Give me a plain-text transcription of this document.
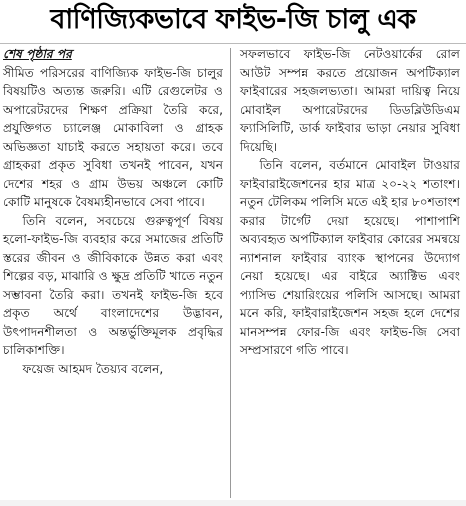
বাণিজ্যিকভাবে ফাইভ-জি চালু এক

শেষ পৃষ্ঠার পর

সীমিত পরিসরের বাণিজ্যিক ফাইভ-জি চালুর বিষয়টিও অত্যন্ত জরুরি। এটি রেগুলেটর ও অপারেটরদের শিক্ষণ প্রক্রিয়া তৈরি করে, প্রযুক্তিগত চ্যালেঞ্জ মোকাবিলা ও গ্রাহক অভিজ্ঞতা যাচাই করতে সহায়তা করে। তবে গ্রাহকরা প্রকৃত সুবিধা তখনই পাবেন, যখন দেশের শহর ও গ্রাম উভয় অঞ্চলে কোটি কোটি মানুষকে বৈষম্যহীনভাবে সেবা পাবে।

তিনি বলেন, সবচেয়ে গুরুত্বপূর্ণ বিষয় হলো-ফাইভ-জি ব্যবহার করে সমাজের প্রতিটি স্তরের জীবন ও জীবিকাকে উন্নত করা এবং শিল্পের বড়, মাঝারি ও ক্ষুদ্র প্রতিটি খাতে নতুন সম্ভাবনা তৈরি করা। তখনই ফাইভ-জি হবে প্রকৃত অর্থে বাংলাদেশের উদ্ভাবন, উৎপাদনশীলতা ও অন্তর্ভুক্তিমূলক প্রবৃদ্ধির চালিকাশক্তি।

ফয়েজ আহমদ তৈয়্যব বলেন,

সফলভাবে ফাইভ-জি নেটওয়ার্কের রোল আউট সম্পন্ন করতে প্রয়োজন অপটিক্যাল ফাইবারের সহজলভ্যতা। আমরা দায়িত্ব নিয়ে মোবাইল অপারেটরদের ডিডব্লিউডিএম ফ্যাসিলিটি, ডার্ক ফাইবার ভাড়া নেয়ার সুবিধা দিয়েছি।

তিনি বলেন, বর্তমানে মোবাইল টাওয়ার ফাইবারাইজেশনের হার মাত্র ২০-২২ শতাংশ। নতুন টেলিকম পলিসি মতে এই হার ৮০শতাংশ করার টার্গেট দেয়া হয়েছে। পাশাপাশি অব্যবহৃত অপটিক্যাল ফাইবার কোরের সমন্বয়ে ন্যাশনাল ফাইবার ব্যাংক স্থাপনের উদ্যোগ নেয়া হয়েছে। এর বাইরে অ্যাক্টিভ এবং প্যাসিভ শেয়ারিংয়ের পলিসি আসছে। আমরা মনে করি, ফাইবারাইজেশন সহজ হলে দেশের মানসম্পন্ন ফোর-জি এবং ফাইভ-জি সেবা সম্প্রসারণে গতি পাবে।
